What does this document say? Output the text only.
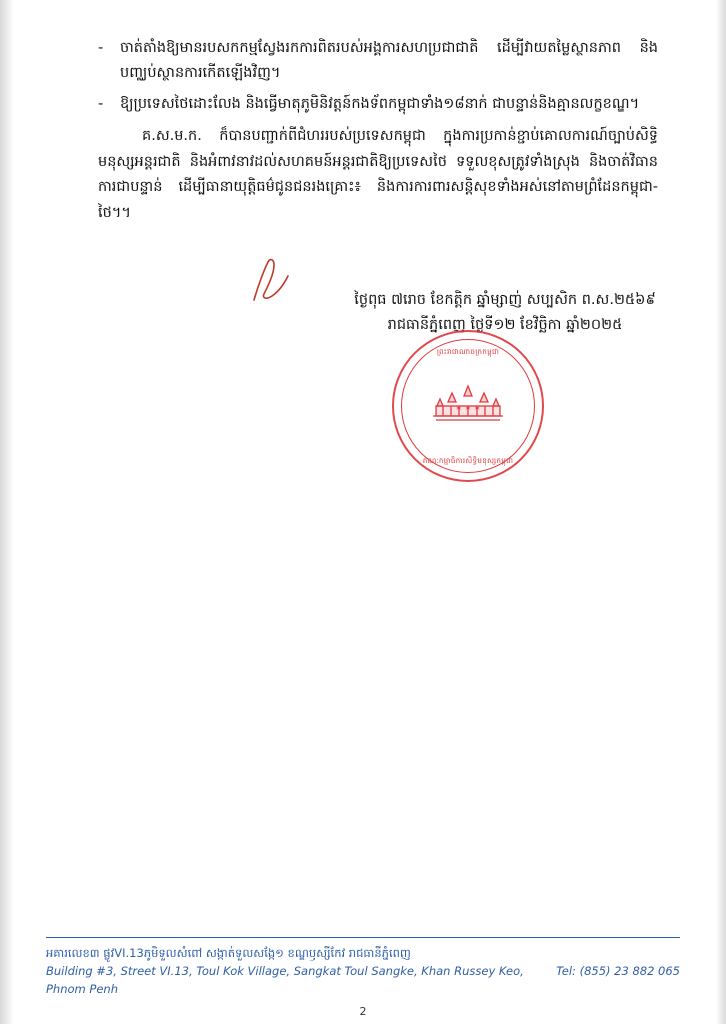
-	ចាត់តាំងឱ្យមានរបសកកម្មស្វែងរកការពិតរបស់អង្គការសហប្រជាជាតិ ដើម្បីវាយតម្លៃស្ថានភាព និងបញ្ឈប់ស្ថានការកើតឡើងវិញ។
-	ឱ្យប្រទេសថៃដោះលែង និងធ្វើមាតុភូមិនិវត្តន៍កងទ័ពកម្ពុជាទាំង១៨នាក់ ជាបន្ទាន់និងគ្មានលក្ខខណ្ឌ។

គ.ស.ម.ក. ក៏បានបញ្ជាក់ពីជំហររបស់ប្រទេសកម្ពុជា ក្នុងការប្រកាន់ខ្ជាប់គោលការណ៍ច្បាប់សិទ្ធិមនុស្សអន្តរជាតិ និងអំពាវនាវដល់សហគមន៍អន្តរជាតិឱ្យប្រទេសថៃ ទទួលខុសត្រូវទាំងស្រុង និងចាត់វិធានការជាបន្ទាន់ ដើម្បីធានាយុត្តិធម៌ជូនជនរងគ្រោះ៖ និងការការពារសន្តិសុខទាំងអស់នៅតាមព្រំដែនកម្ពុជា-ថៃ។។

ថ្ងៃពុធ ៧រោច ខែកត្តិក ឆ្នាំម្សាញ់ សប្បសិក ព.ស.២៥៦៩
រាជធានីភ្នំពេញ ថ្ងៃទី១២ ខែវិច្ឆិកា ឆ្នាំ២០២៥
ព្រះរាជាណាចក្រកម្ពុជា
គណៈកម្មាធិការសិទ្ធិមនុស្សកម្ពុជា
✶ ✶ ✶
អគារលេខ៣ ផ្លូវVI.13ភូមិទួលសំពៅ សង្កាត់ទួលសង្កែ១ ខណ្ឌឫស្សីកែវ រាជធានីភ្នំពេញ
Building #3, Street VI.13, Toul Kok Village, Sangkat Toul Sangke, Khan Russey Keo, Phnom Penh
Tel: (855) 23 882 065
2
